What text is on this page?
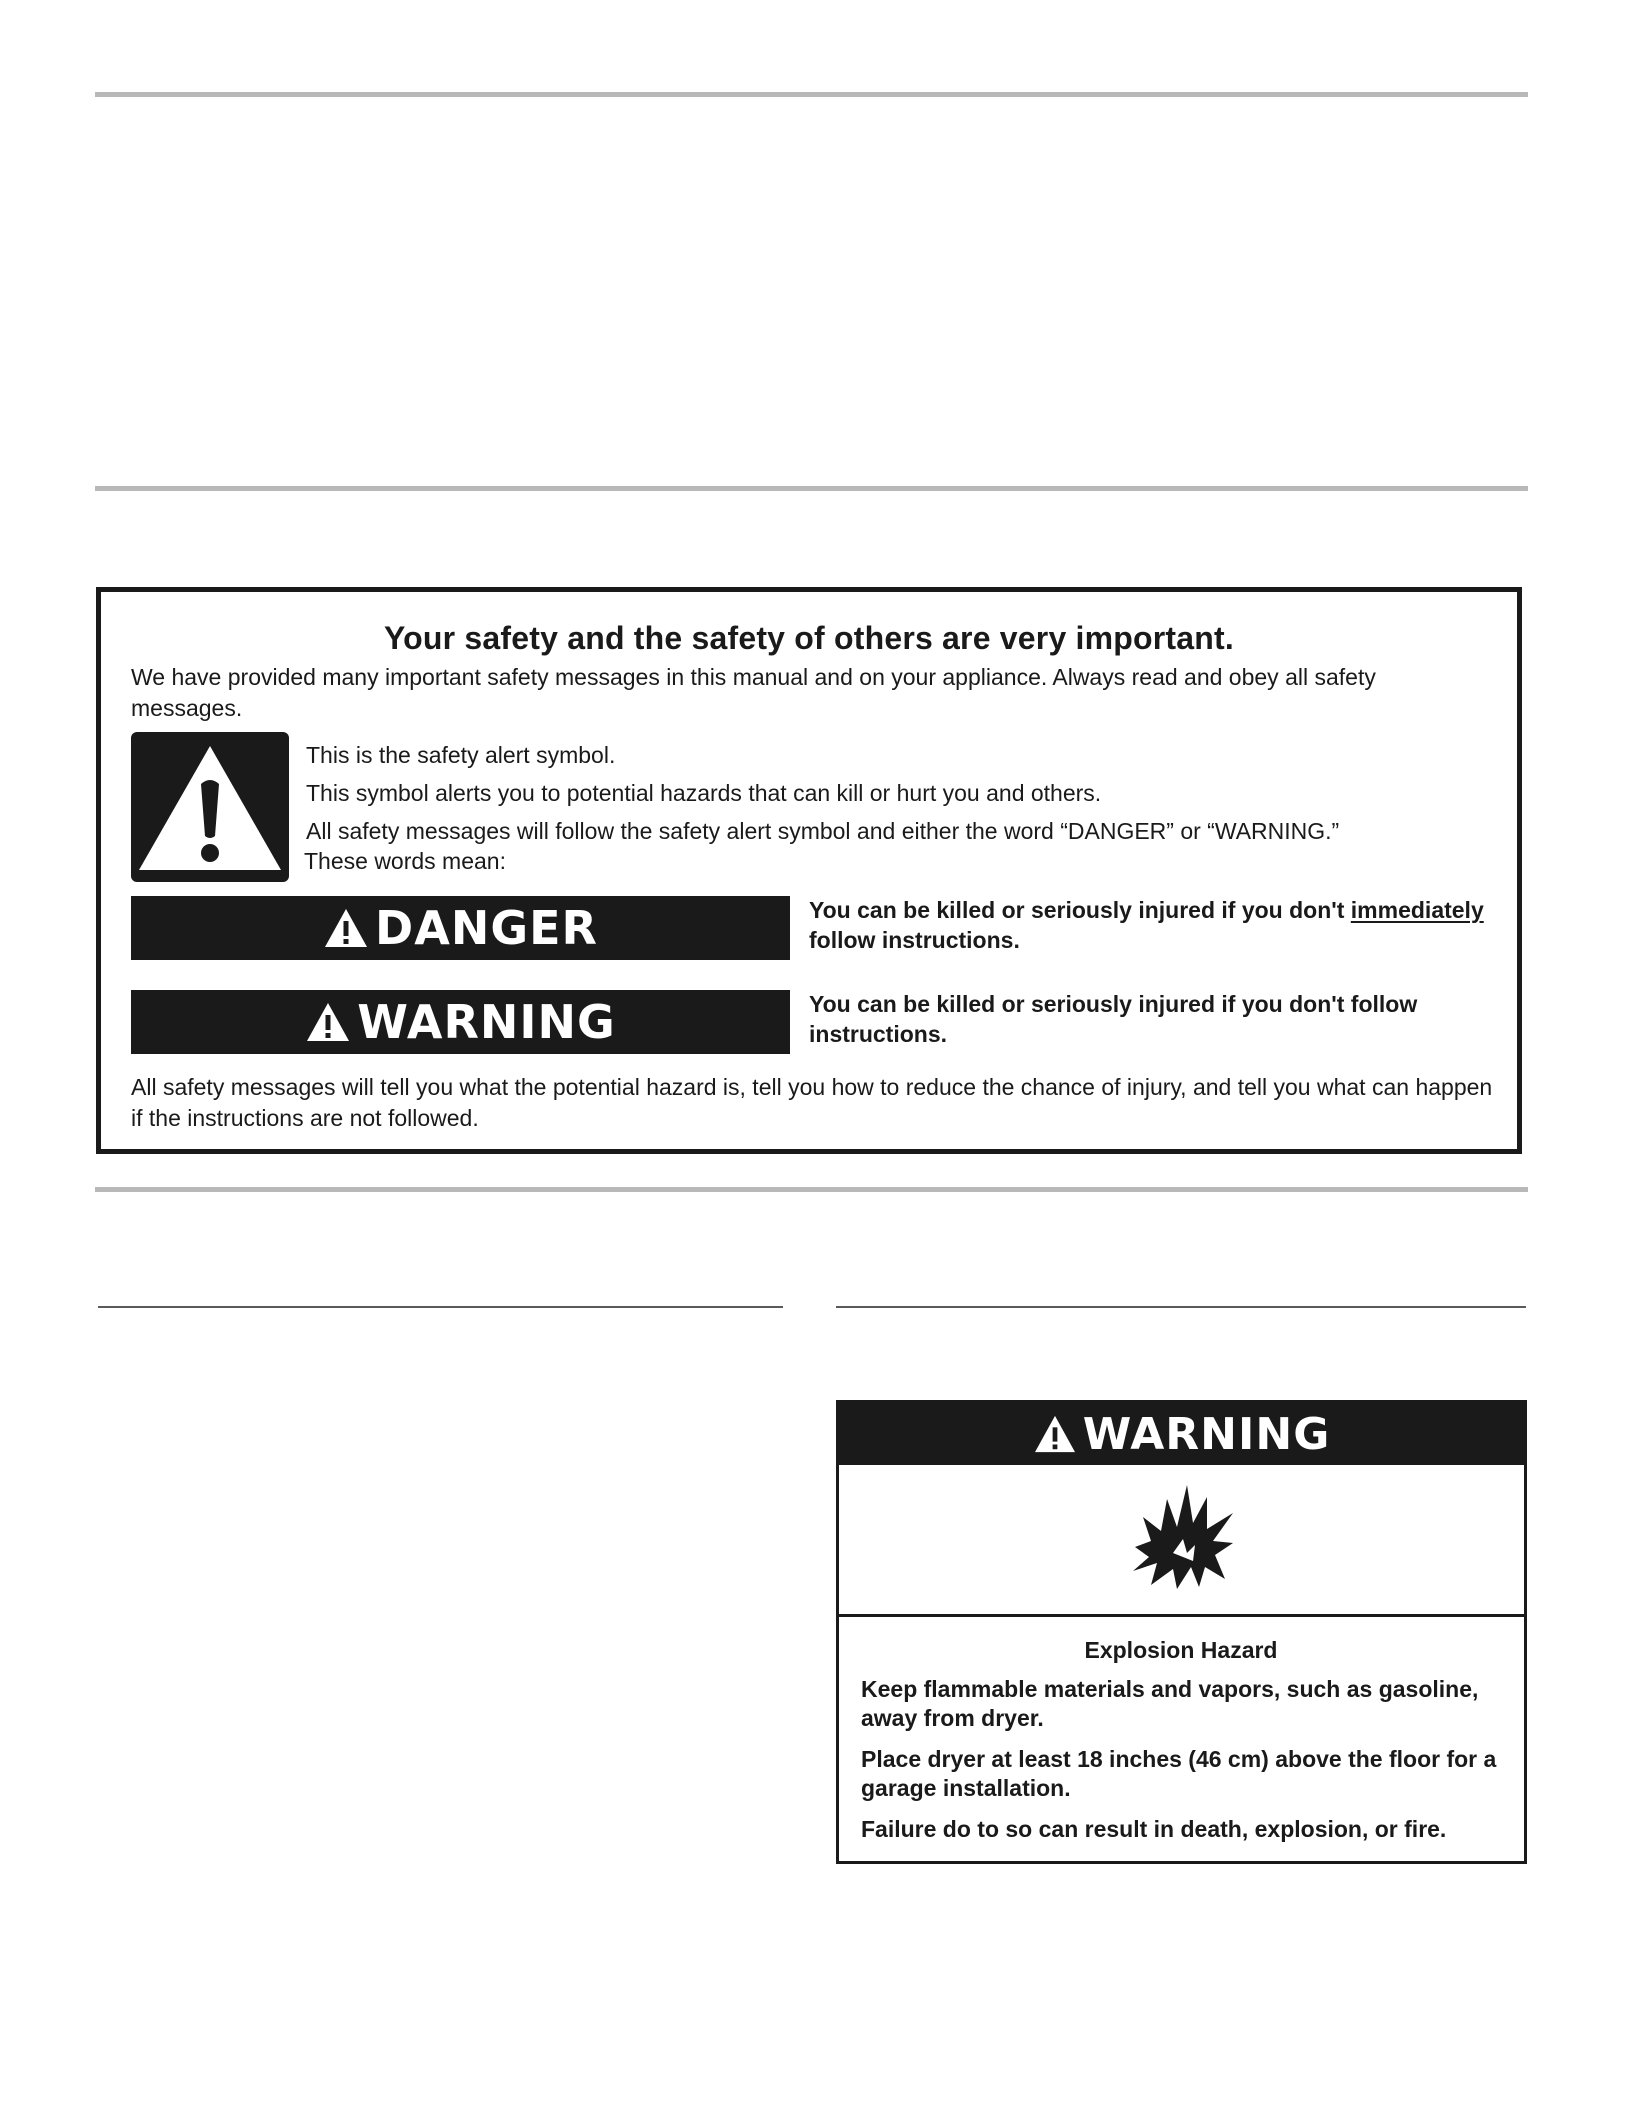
Your safety and the safety of others are very important.
We have provided many important safety messages in this manual and on your appliance. Always read and obey all safety messages.
This is the safety alert symbol.
This symbol alerts you to potential hazards that can kill or hurt you and others.
All safety messages will follow the safety alert symbol and either the word “DANGER” or “WARNING.”
These words mean:
DANGER	You can be killed or seriously injured if you don't immediately follow instructions.
WARNING	You can be killed or seriously injured if you don't follow instructions.
All safety messages will tell you what the potential hazard is, tell you how to reduce the chance of injury, and tell you what can happen if the instructions are not followed.
WARNING
Explosion Hazard
Keep flammable materials and vapors, such as gasoline, away from dryer.
Place dryer at least 18 inches (46 cm) above the floor for a garage installation.
Failure do to so can result in death, explosion, or fire.
